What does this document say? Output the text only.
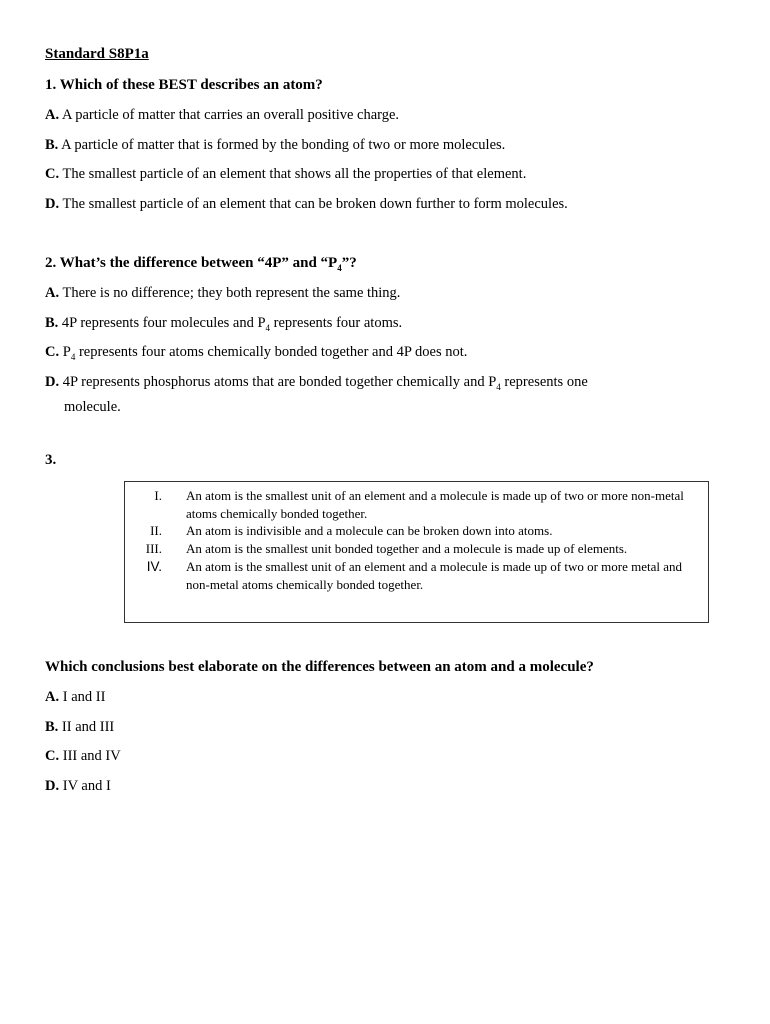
Standard S8P1a
1. Which of these BEST describes an atom?
A. A particle of matter that carries an overall positive charge.
B. A particle of matter that is formed by the bonding of two or more molecules.
C. The smallest particle of an element that shows all the properties of that element.
D. The smallest particle of an element that can be broken down further to form molecules.
2. What’s the difference between “4P” and “$P_4$”?
A. There is no difference; they both represent the same thing.
B. 4P represents four molecules and $P_4$ represents four atoms.
C. $P_4$ represents four atoms chemically bonded together and 4P does not.
D. 4P represents phosphorus atoms that are bonded together chemically and $P_4$ represents one
molecule.
3.
I. An atom is the smallest unit of an element and a molecule is made up of two or more non-metal atoms chemically bonded together.
II. An atom is indivisible and a molecule can be broken down into atoms.
III. An atom is the smallest unit bonded together and a molecule is made up of elements.
IV. An atom is the smallest unit of an element and a molecule is made up of two or more metal and non-metal atoms chemically bonded together.
Which conclusions best elaborate on the differences between an atom and a molecule?
A. I and II
B. II and III
C. III and IV
D. IV and I
